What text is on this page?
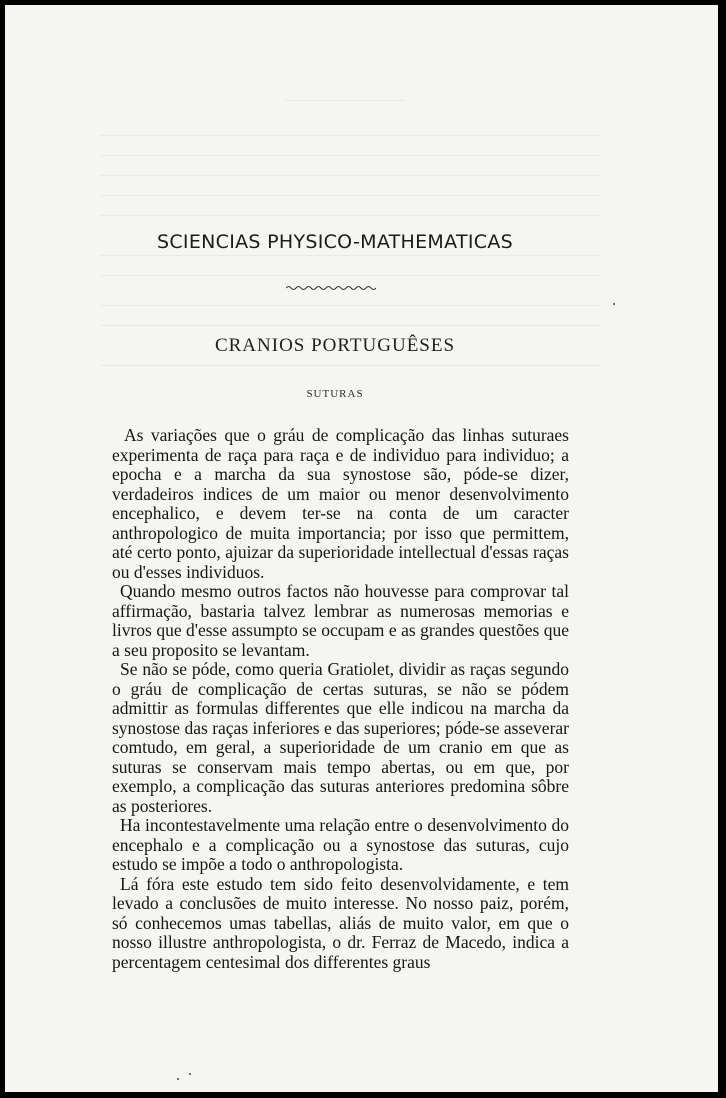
SCIENCIAS PHYSICO-MATHEMATICAS
CRANIOS PORTUGUÊSES
SUTURAS

As variações que o gráu de complicação das linhas suturaes experimenta de raça para raça e de individuo para individuo; a epocha e a marcha da sua synostose são, póde-se dizer, verdadeiros indices de um maior ou menor desenvolvimento encephalico, e devem ter-se na conta de um caracter anthropologico de muita importancia; por isso que permittem, até certo ponto, ajuizar da superioridade intellectual d'essas raças ou d'esses individuos.

Quando mesmo outros factos não houvesse para comprovar tal affirmação, bastaria talvez lembrar as numerosas memorias e livros que d'esse assumpto se occupam e as grandes questões que a seu proposito se levantam.

Se não se póde, como queria Gratiolet, dividir as raças segundo o gráu de complicação de certas suturas, se não se pódem admittir as formulas differentes que elle indicou na marcha da synostose das raças inferiores e das superiores; póde-se asseverar comtudo, em geral, a superioridade de um cranio em que as suturas se conservam mais tempo abertas, ou em que, por exemplo, a complicação das suturas anteriores predomina sôbre as posteriores.

Ha incontestavelmente uma relação entre o desenvolvimento do encephalo e a complicação ou a synostose das suturas, cujo estudo se impõe a todo o anthropologista.

Lá fóra este estudo tem sido feito desenvolvidamente, e tem levado a conclusões de muito interesse. No nosso paiz, porém, só conhecemos umas tabellas, aliás de muito valor, em que o nosso illustre anthropologista, o dr. Ferraz de Macedo, indica a percentagem centesimal dos differentes graus
